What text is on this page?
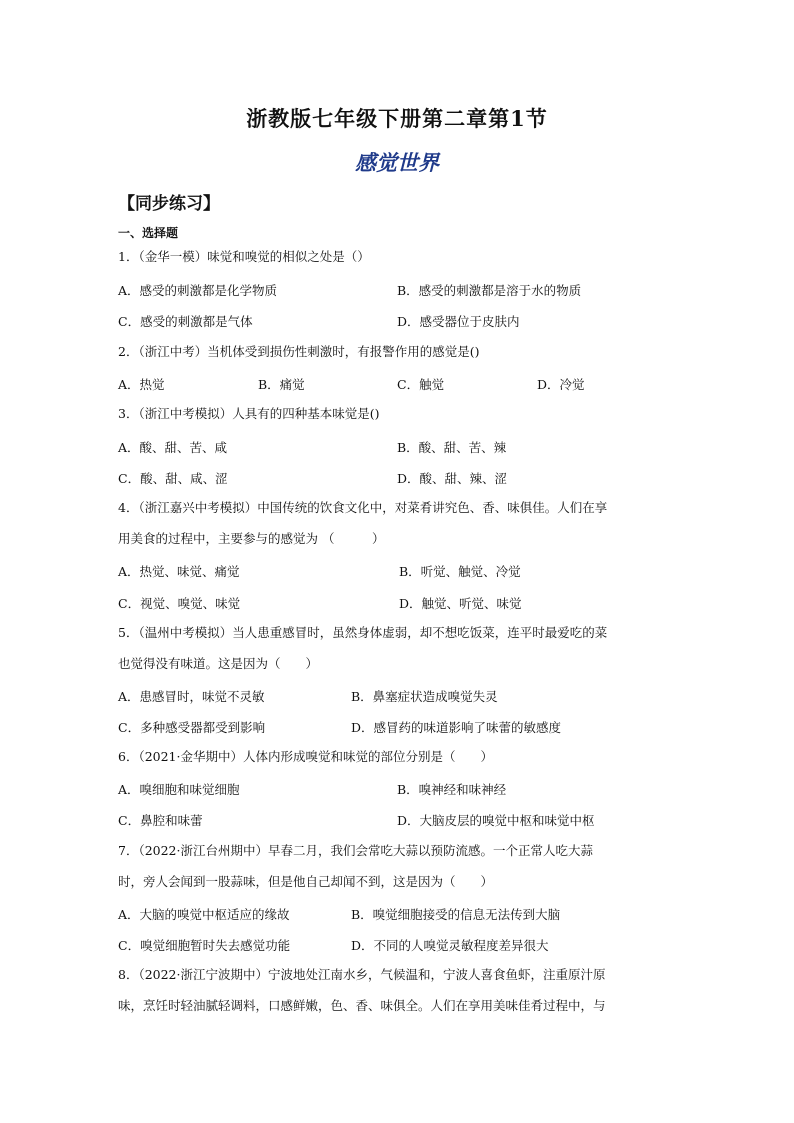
浙教版七年级下册第二章第1节
感觉世界
【同步练习】
一、选择题
1．（金华一模）味觉和嗅觉的相似之处是（）
A．感受的刺激都是化学物质	B．感受的刺激都是溶于水的物质
C．感受的刺激都是气体	D．感受器位于皮肤内
2．（浙江中考）当机体受到损伤性刺激时，有报警作用的感觉是()
A．热觉	B．痛觉	C．触觉	D．冷觉
3．（浙江中考模拟）人具有的四种基本味觉是()
A．酸、甜、苦、咸	B．酸、甜、苦、辣
C．酸、甜、咸、涩	D．酸、甜、辣、涩
4．（浙江嘉兴中考模拟）中国传统的饮食文化中，对菜肴讲究色、香、味俱佳。人们在享
用美食的过程中，主要参与的感觉为 （　　　）
A．热觉、味觉、痛觉	B．听觉、触觉、冷觉
C．视觉、嗅觉、味觉	D．触觉、听觉、味觉
5．（温州中考模拟）当人患重感冒时，虽然身体虚弱，却不想吃饭菜，连平时最爱吃的菜
也觉得没有味道。这是因为（　　）
A．患感冒时，味觉不灵敏	B．鼻塞症状造成嗅觉失灵
C．多种感受器都受到影响	D．感冒药的味道影响了味蕾的敏感度
6．（2021·金华期中）人体内形成嗅觉和味觉的部位分别是（　　）
A．嗅细胞和味觉细胞	B．嗅神经和味神经
C．鼻腔和味蕾	D．大脑皮层的嗅觉中枢和味觉中枢
7．（2022·浙江台州期中）早春二月，我们会常吃大蒜以预防流感。一个正常人吃大蒜
时，旁人会闻到一股蒜味，但是他自己却闻不到，这是因为（　　）
A．大脑的嗅觉中枢适应的缘故	B．嗅觉细胞接受的信息无法传到大脑
C．嗅觉细胞暂时失去感觉功能	D．不同的人嗅觉灵敏程度差异很大
8．（2022·浙江宁波期中）宁波地处江南水乡，气候温和，宁波人喜食鱼虾，注重原汁原
味，烹饪时轻油腻轻调料，口感鲜嫩，色、香、味俱全。人们在享用美味佳肴过程中，与
